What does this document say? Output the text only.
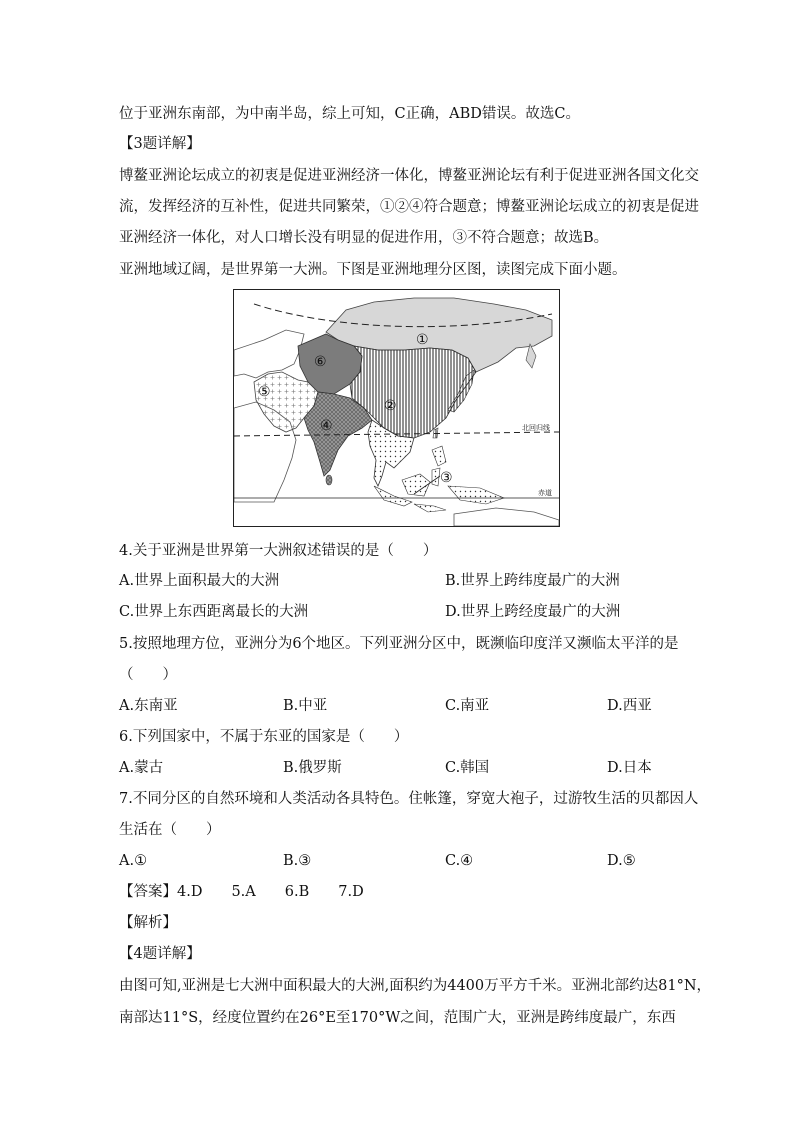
位于亚洲东南部，为中南半岛，综上可知，C正确，ABD错误。故选C。
【3题详解】
博鳌亚洲论坛成立的初衷是促进亚洲经济一体化，博鳌亚洲论坛有利于促进亚洲各国文化交
流，发挥经济的互补性，促进共同繁荣，①②④符合题意；博鳌亚洲论坛成立的初衷是促进
亚洲经济一体化，对人口增长没有明显的促进作用，③不符合题意；故选B。
亚洲地域辽阔，是世界第一大洲。下图是亚洲地理分区图，读图完成下面小题。
①
②
③
④
⑤
⑥
北回归线
赤道
4.关于亚洲是世界第一大洲叙述错误的是（　　）
A.世界上面积最大的大洲	B.世界上跨纬度最广的大洲
C.世界上东西距离最长的大洲	D.世界上跨经度最广的大洲
5.按照地理方位，亚洲分为6个地区。下列亚洲分区中，既濒临印度洋又濒临太平洋的是
（　　）
A.东南亚	B.中亚	C.南亚	D.西亚
6.下列国家中，不属于东亚的国家是（　　）
A.蒙古	B.俄罗斯	C.韩国	D.日本
7.不同分区的自然环境和人类活动各具特色。住帐篷，穿宽大袍子，过游牧生活的贝都因人
生活在（　　）
A.①	B.③	C.④	D.⑤
【答案】4.D　　5.A　　6.B　　7.D
【解析】
【4题详解】
由图可知,亚洲是七大洲中面积最大的大洲,面积约为4400万平方千米。亚洲北部约达81°N，
南部达11°S，经度位置约在26°E至170°W之间，范围广大，亚洲是跨纬度最广，东西
